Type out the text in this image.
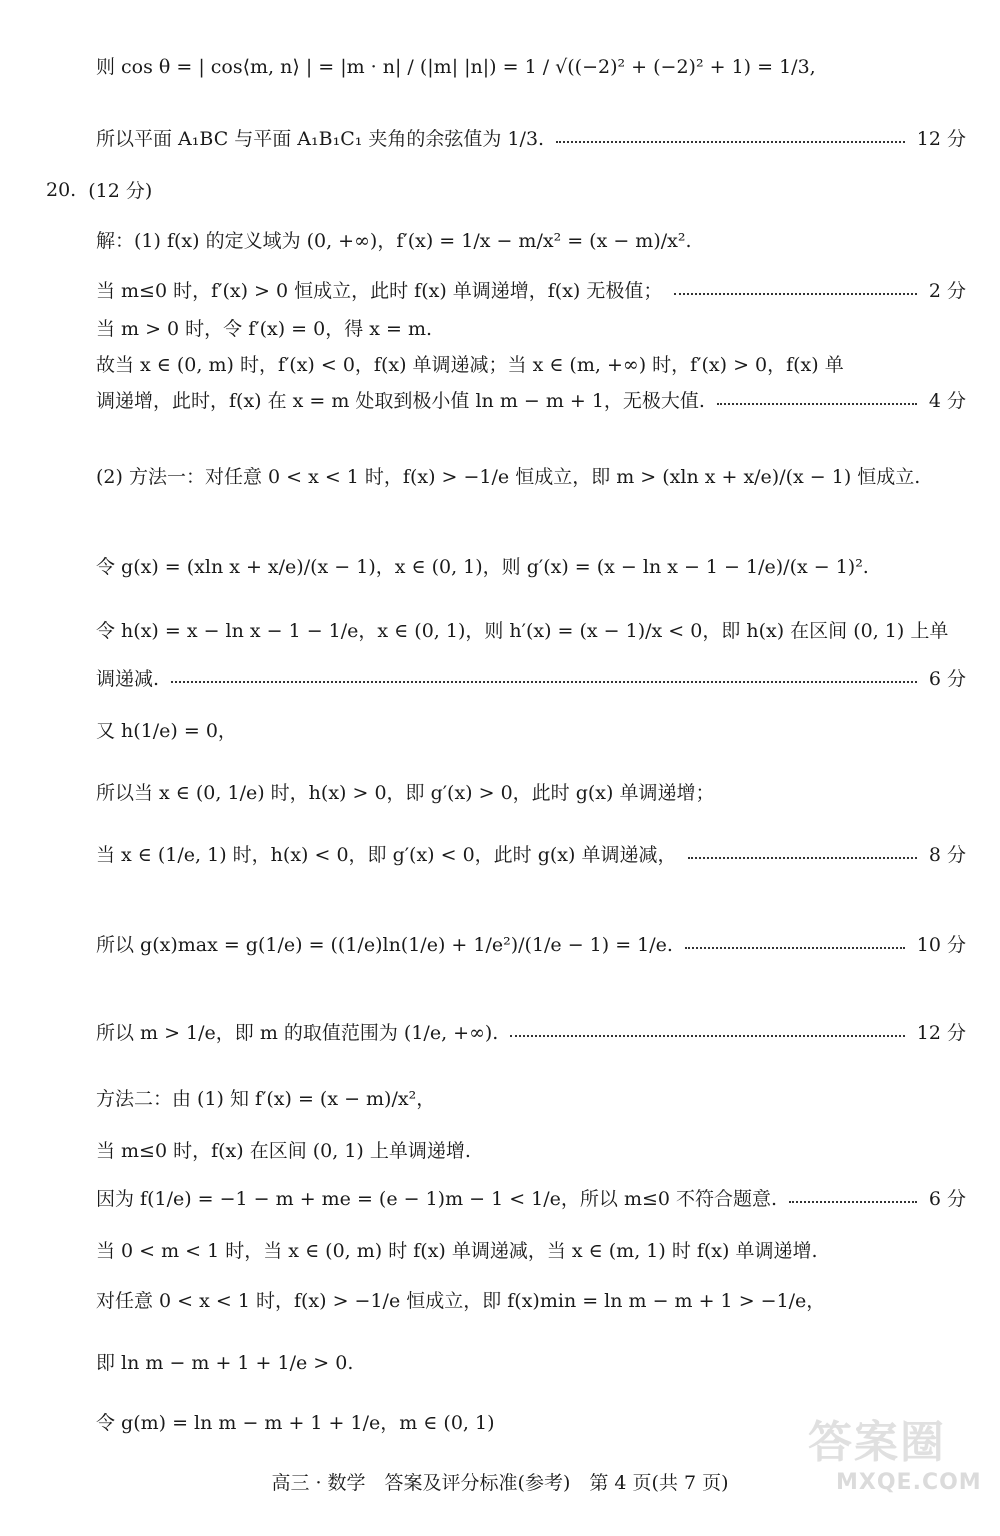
则 cos θ = | cos⟨m, n⟩ | = |m · n| / (|m| |n|) = 1 / √((−2)² + (−2)² + 1) = 1/3,
所以平面 A₁BC 与平面 A₁B₁C₁ 夹角的余弦值为 1/3.	12 分
20. (12 分)
解：(1) f(x) 的定义域为 (0, +∞)，f′(x) = 1/x − m/x² = (x − m)/x².
当 m≤0 时，f′(x) > 0 恒成立，此时 f(x) 单调递增，f(x) 无极值；	2 分
当 m > 0 时，令 f′(x) = 0，得 x = m.
故当 x ∈ (0, m) 时，f′(x) < 0，f(x) 单调递减；当 x ∈ (m, +∞) 时，f′(x) > 0，f(x) 单
调递增，此时，f(x) 在 x = m 处取到极小值 ln m − m + 1，无极大值.	4 分
(2) 方法一：对任意 0 < x < 1 时，f(x) > −1/e 恒成立，即 m > (xln x + x/e)/(x − 1) 恒成立.
令 g(x) = (xln x + x/e)/(x − 1)，x ∈ (0, 1)，则 g′(x) = (x − ln x − 1 − 1/e)/(x − 1)².
令 h(x) = x − ln x − 1 − 1/e，x ∈ (0, 1)，则 h′(x) = (x − 1)/x < 0，即 h(x) 在区间 (0, 1) 上单
调递减.	6 分
又 h(1/e) = 0，
所以当 x ∈ (0, 1/e) 时，h(x) > 0，即 g′(x) > 0，此时 g(x) 单调递增；
当 x ∈ (1/e, 1) 时，h(x) < 0，即 g′(x) < 0，此时 g(x) 单调递减，	8 分
所以 g(x)max = g(1/e) = ((1/e)ln(1/e) + 1/e²)/(1/e − 1) = 1/e.	10 分
所以 m > 1/e，即 m 的取值范围为 (1/e, +∞).	12 分
方法二：由 (1) 知 f′(x) = (x − m)/x²，
当 m≤0 时，f(x) 在区间 (0, 1) 上单调递增.
因为 f(1/e) = −1 − m + me = (e − 1)m − 1 < 1/e，所以 m≤0 不符合题意.	6 分
当 0 < m < 1 时，当 x ∈ (0, m) 时 f(x) 单调递减，当 x ∈ (m, 1) 时 f(x) 单调递增.
对任意 0 < x < 1 时，f(x) > −1/e 恒成立，即 f(x)min = ln m − m + 1 > −1/e，
即 ln m − m + 1 + 1/e > 0.
令 g(m) = ln m − m + 1 + 1/e，m ∈ (0, 1)
高三 · 数学　答案及评分标准(参考)　第 4 页(共 7 页)
答案圈
MXQE.COM
